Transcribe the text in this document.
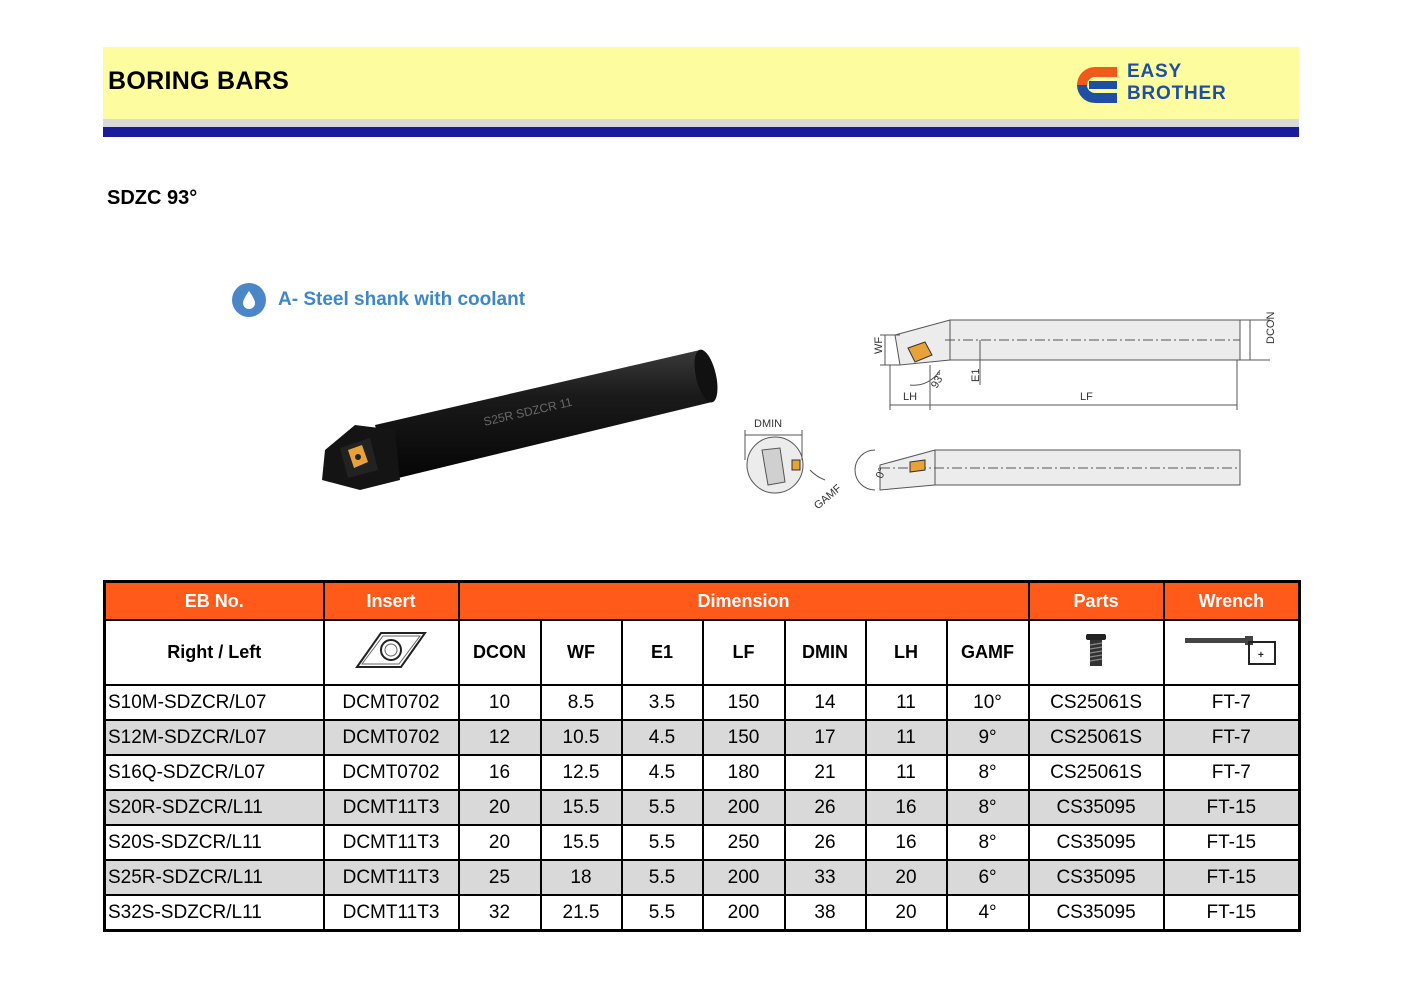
BORING BARS	EASY
BROTHER
SDZC 93°
A- Steel shank with coolant
S25R SDZCR 11
WF
DCON
E1
LH	LF
93°
DMIN
GAMF
0°
EB No.	Insert	Dimension							Parts	Wrench
Right / Left		DCON	WF	E1	LF	DMIN	LH	GAMF		+

S10M-SDZCR/L07	DCMT0702	10	8.5	3.5	150	14	11	10°	CS25061S	FT-7
S12M-SDZCR/L07	DCMT0702	12	10.5	4.5	150	17	11	9°	CS25061S	FT-7
S16Q-SDZCR/L07	DCMT0702	16	12.5	4.5	180	21	11	8°	CS25061S	FT-7
S20R-SDZCR/L11	DCMT11T3	20	15.5	5.5	200	26	16	8°	CS35095	FT-15
S20S-SDZCR/L11	DCMT11T3	20	15.5	5.5	250	26	16	8°	CS35095	FT-15
S25R-SDZCR/L11	DCMT11T3	25	18	5.5	200	33	20	6°	CS35095	FT-15
S32S-SDZCR/L11	DCMT11T3	32	21.5	5.5	200	38	20	4°	CS35095	FT-15
